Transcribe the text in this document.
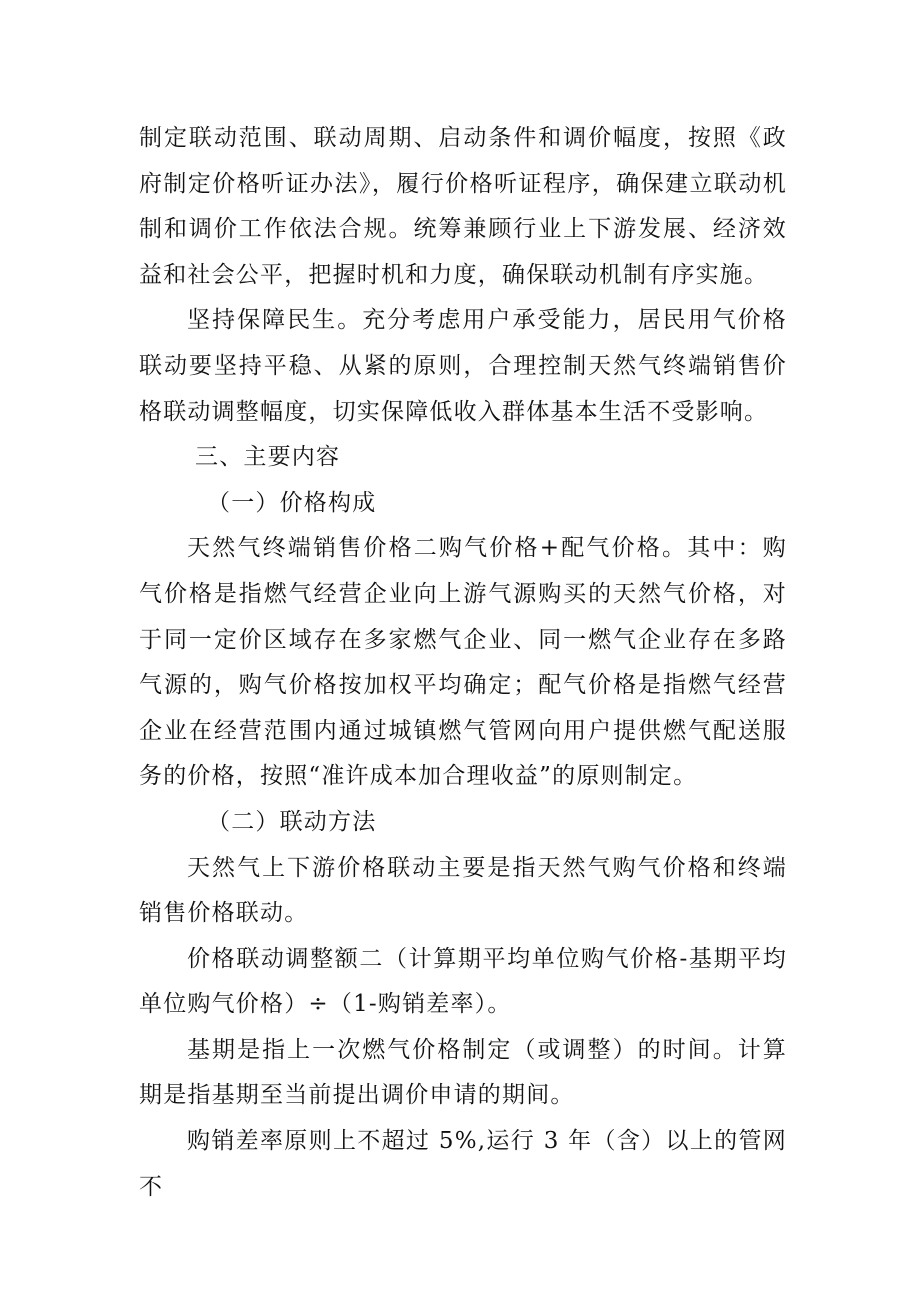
制定联动范围、联动周期、启动条件和调价幅度，按照《政府制定价格听证办法》，履行价格听证程序，确保建立联动机制和调价工作依法合规。统筹兼顾行业上下游发展、经济效益和社会公平，把握时机和力度，确保联动机制有序实施。

坚持保障民生。充分考虑用户承受能力，居民用气价格联动要坚持平稳、从紧的原则，合理控制天然气终端销售价格联动调整幅度，切实保障低收入群体基本生活不受影响。

三、主要内容

（一）价格构成

天然气终端销售价格二购气价格+配气价格。其中：购气价格是指燃气经营企业向上游气源购买的天然气价格，对于同一定价区域存在多家燃气企业、同一燃气企业存在多路气源的，购气价格按加权平均确定；配气价格是指燃气经营企业在经营范围内通过城镇燃气管网向用户提供燃气配送服务的价格，按照“准许成本加合理收益”的原则制定。

（二）联动方法

天然气上下游价格联动主要是指天然气购气价格和终端销售价格联动。

价格联动调整额二（计算期平均单位购气价格-基期平均单位购气价格）÷（1-购销差率）。

基期是指上一次燃气价格制定（或调整）的时间。计算期是指基期至当前提出调价申请的期间。

购销差率原则上不超过 5%,运行 3 年（含）以上的管网不
